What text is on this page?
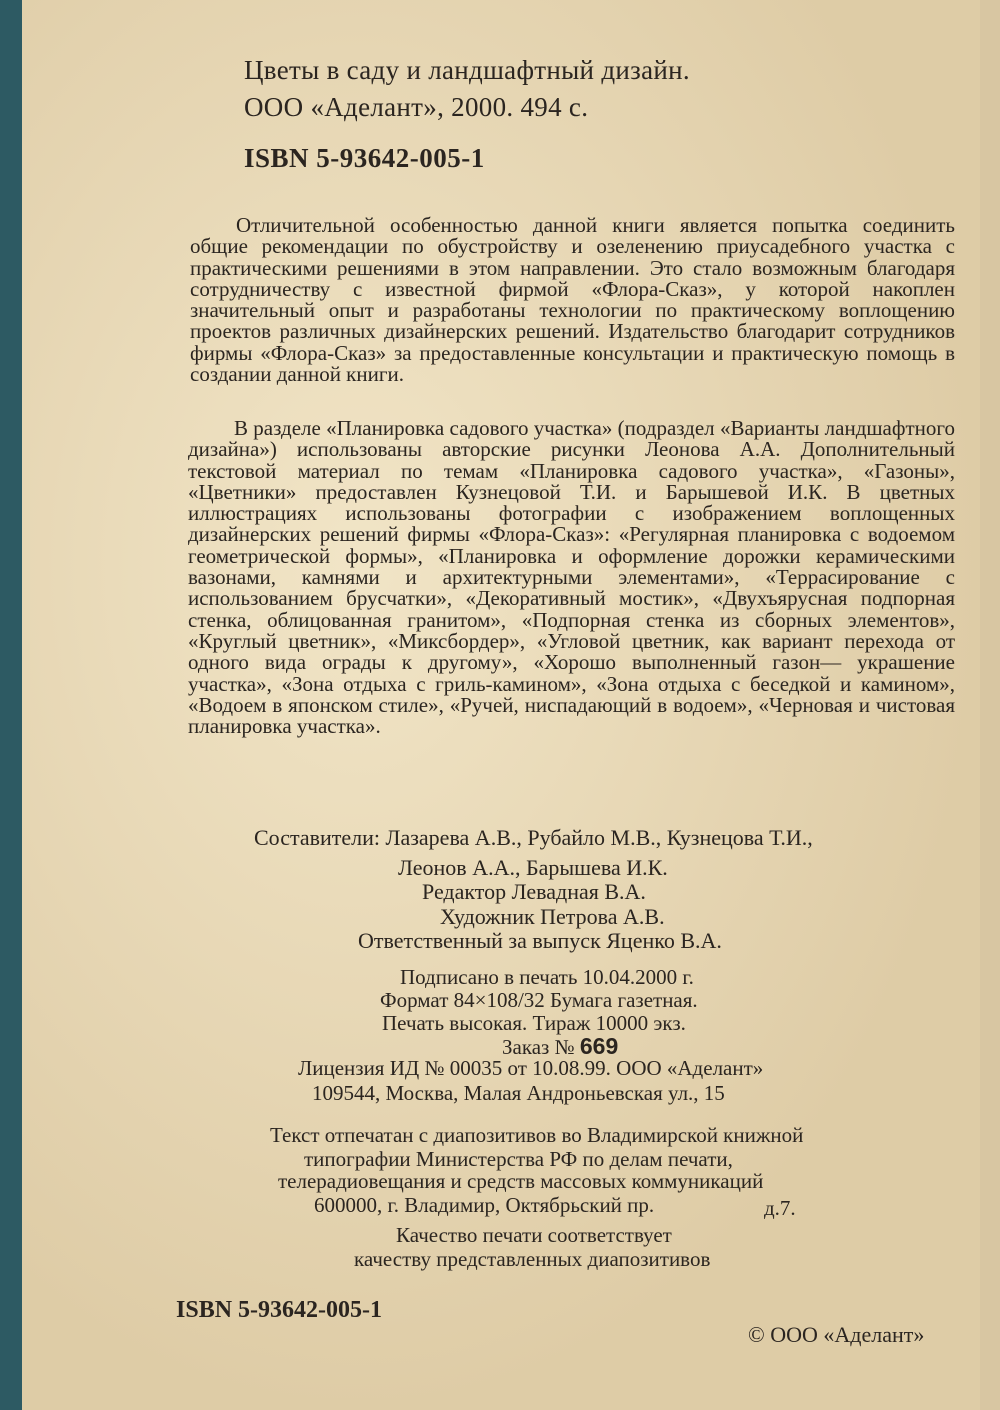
Цветы в саду и ландшафтный дизайн.
ООО «Аделант», 2000. 494 с.
ISBN 5-93642-005-1

Отличительной особенностью данной книги является попытка соединить общие рекомендации по обустройству и озеленению приусадебного участка с практическими решениями в этом направлении. Это стало возможным благодаря сотрудничеству с известной фирмой «Флора-Сказ», у которой накоплен значительный опыт и разработаны технологии по практическому воплощению проектов различных дизайнерских решений. Издательство благодарит сотрудников фирмы «Флора-Сказ» за предоставленные консультации и практическую помощь в создании данной книги.

В разделе «Планировка садового участка» (подраздел «Варианты ландшафтного дизайна») использованы авторские рисунки Леонова А.А. Дополнительный текстовой материал по темам «Планировка садового участка», «Газоны», «Цветники» предоставлен Кузнецовой Т.И. и Барышевой И.К. В цветных иллюстрациях использованы фотографии с изображением воплощенных дизайнерских решений фирмы «Флора-Сказ»: «Регулярная планировка с водоемом геометрической формы», «Планировка и оформление дорожки керамическими вазонами, камнями и архитектурными элементами», «Террасирование с использованием брусчатки», «Декоративный мостик», «Двухъярусная подпорная стенка, облицованная гранитом», «Подпорная стенка из сборных элементов», «Круглый цветник», «Миксбордер», «Угловой цветник, как вариант перехода от одного вида ограды к другому», «Хорошо выполненный газон— украшение участка», «Зона отдыха с гриль-камином», «Зона отдыха с беседкой и камином», «Водоем в японском стиле», «Ручей, ниспадающий в водоем», «Черновая и чистовая планировка участка».

Составители: Лазарева А.В., Рубайло М.В., Кузнецова Т.И.,
Леонов А.А., Барышева И.К.
Редактор Левадная В.А.
Художник Петрова А.В.
Ответственный за выпуск Яценко В.А.
Подписано в печать 10.04.2000 г.
Формат 84×108/32 Бумага газетная.
Печать высокая. Тираж 10000 экз.
Заказ № 669
Лицензия ИД № 00035 от 10.08.99. ООО «Аделант»
109544, Москва, Малая Андроньевская ул., 15
Текст отпечатан с диапозитивов во Владимирской книжной
типографии Министерства РФ по делам печати,
телерадиовещания и средств массовых коммуникаций
600000, г. Владимир, Октябрьский пр.	д.7.
Качество печати соответствует
качеству представленных диапозитивов
ISBN 5-93642-005-1
© ООО «Аделант»
